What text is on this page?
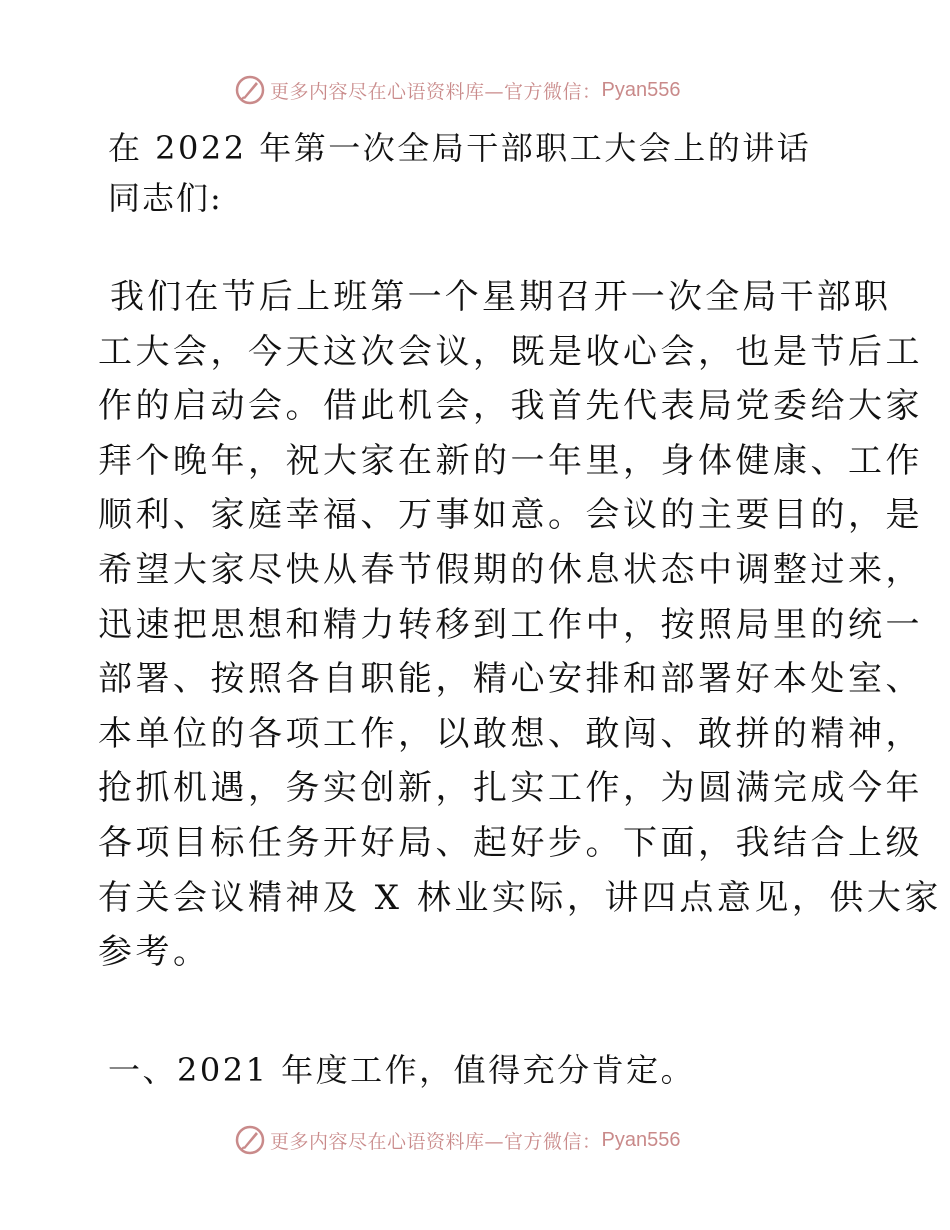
更多内容尽在心语资料库—官方微信： Pyan556
在 2022 年第一次全局干部职工大会上的讲话
同志们:
我们在节后上班第一个星期召开一次全局干部职
工大会，今天这次会议，既是收心会，也是节后工
作的启动会。借此机会，我首先代表局党委给大家
拜个晚年，祝大家在新的一年里，身体健康、工作
顺利、家庭幸福、万事如意。会议的主要目的，是
希望大家尽快从春节假期的休息状态中调整过来，
迅速把思想和精力转移到工作中，按照局里的统一
部署、按照各自职能，精心安排和部署好本处室、
本单位的各项工作，以敢想、敢闯、敢拼的精神，
抢抓机遇，务实创新，扎实工作，为圆满完成今年
各项目标任务开好局、起好步。下面，我结合上级
有关会议精神及 X 林业实际，讲四点意见，供大家
参考。
一、2021 年度工作，值得充分肯定。
更多内容尽在心语资料库—官方微信： Pyan556
